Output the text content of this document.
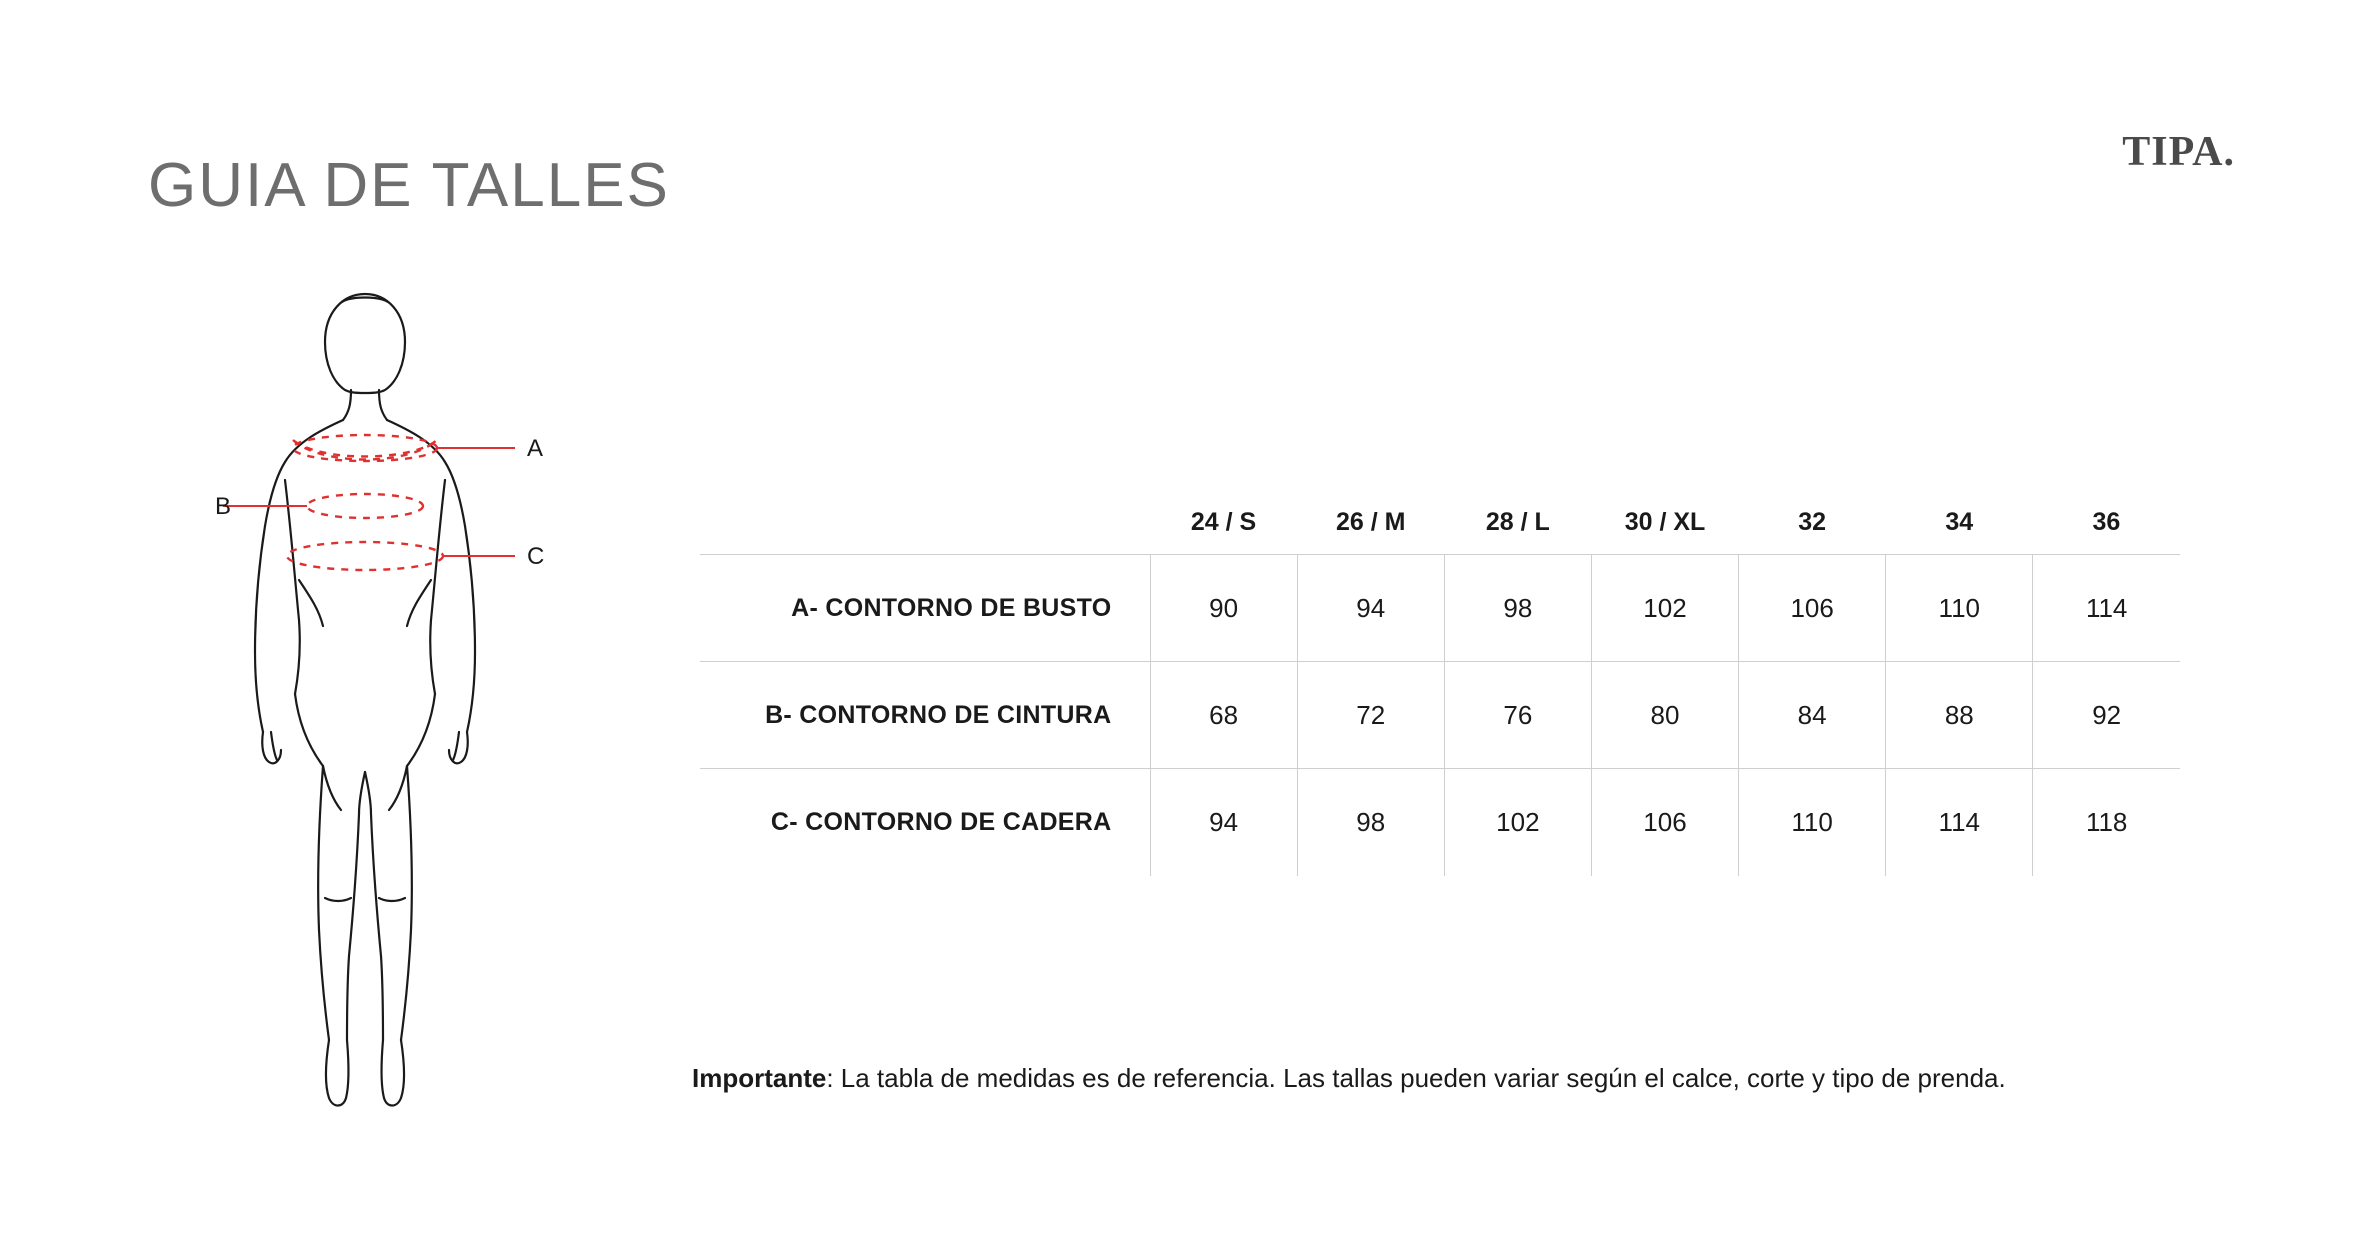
GUIA DE TALLES	TIPA.
A
B
C
	24 / S	26 / M	28 / L	30 / XL	32	34	36
A- CONTORNO DE BUSTO	90	94	98	102	106	110	114
B- CONTORNO DE CINTURA	68	72	76	80	84	88	92
C- CONTORNO DE CADERA	94	98	102	106	110	114	118
Importante: La tabla de medidas es de referencia. Las tallas pueden variar según el calce, corte y tipo de prenda.
